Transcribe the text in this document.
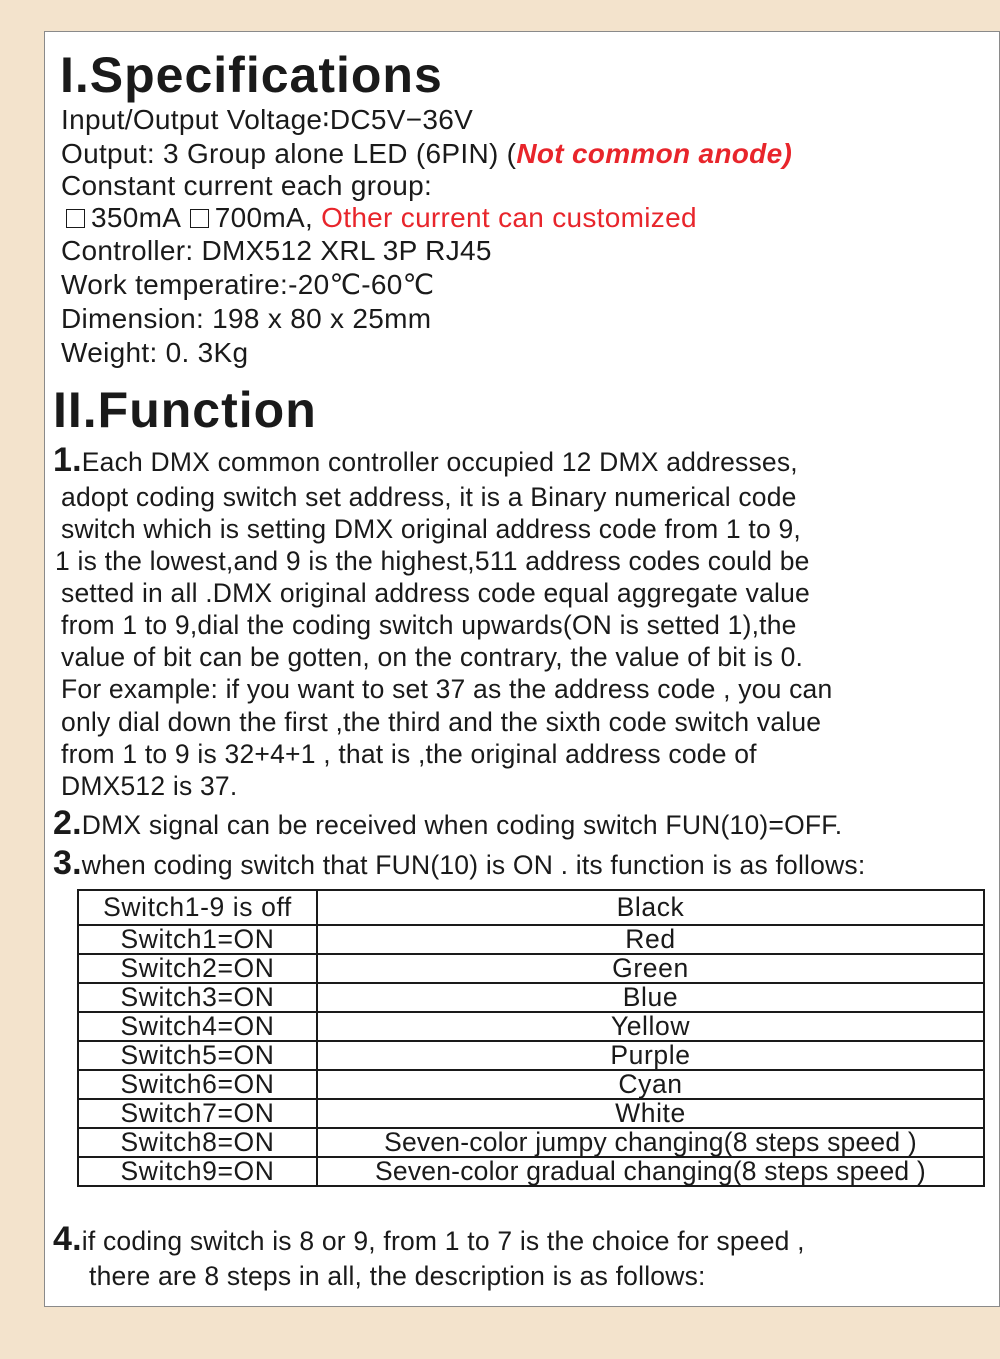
I.Specifications
Input/Output Voltage∶DC5V−36V
Output: 3 Group alone LED (6PIN) (Not common anode)
Constant current each group:
350mA 700mA, Other current can customized
Controller: DMX512 XRL 3P RJ45
Work temperatire:-20℃-60℃
Dimension: 198 x 80 x 25mm
Weight: 0. 3Kg
II.Function
1.Each DMX common controller occupied 12 DMX addresses,
adopt coding switch set address, it is a Binary numerical code
switch which is setting DMX original address code from 1 to 9,
1 is the lowest,and 9 is the highest,511 address codes could be
setted in all .DMX original address code equal aggregate value
from 1 to 9,dial the coding switch upwards(ON is setted 1),the
value of bit can be gotten, on the contrary, the value of bit is 0.
For example: if you want to set 37 as the address code , you can
only dial down the first ,the third and the sixth code switch value
from 1 to 9 is 32+4+1 , that is ,the original address code of
DMX512 is 37.
2.DMX signal can be received when coding switch FUN(10)=OFF.
3.when coding switch that FUN(10) is ON . its function is as follows:
Switch1-9 is off	Black
Switch1=ON	Red
Switch2=ON	Green
Switch3=ON	Blue
Switch4=ON	Yellow
Switch5=ON	Purple
Switch6=ON	Cyan
Switch7=ON	White
Switch8=ON	Seven-color jumpy changing(8 steps speed )
Switch9=ON	Seven-color gradual changing(8 steps speed )
4.if coding switch is 8 or 9, from 1 to 7 is the choice for speed ,
there are 8 steps in all, the description is as follows:
